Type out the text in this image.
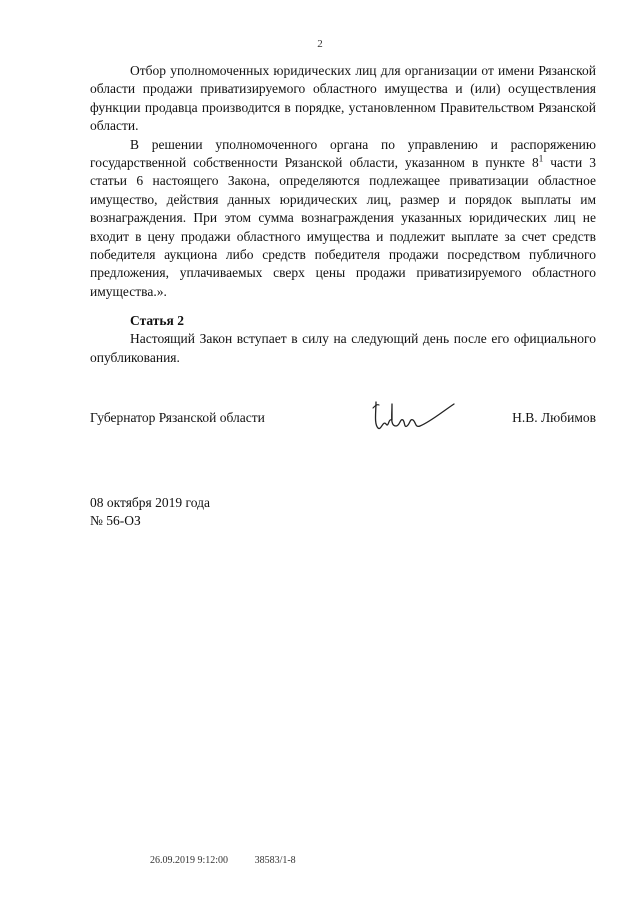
2

Отбор уполномоченных юридических лиц для организации от имени Рязанской области продажи приватизируемого областного имущества и (или) осуществления функции продавца производится в порядке, установленном Правительством Рязанской области.

В решении уполномоченного органа по управлению и распоряжению государственной собственности Рязанской области, указанном в пункте $8^1$ части 3 статьи 6 настоящего Закона, определяются подлежащее приватизации областное имущество, действия данных юридических лиц, размер и порядок выплаты им вознаграждения. При этом сумма вознаграждения указанных юридических лиц не входит в цену продажи областного имущества и подлежит выплате за счет средств победителя аукциона либо средств победителя продажи посредством публичного предложения, уплачиваемых сверх цены продажи приватизируемого областного имущества.».

Статья 2

Настоящий Закон вступает в силу на следующий день после его официального опубликования.

Губернатор Рязанской области	Н.В. Любимов
08 октября 2019 года
№ 56-ОЗ
26.09.2019 9:12:00	38583/1-8
